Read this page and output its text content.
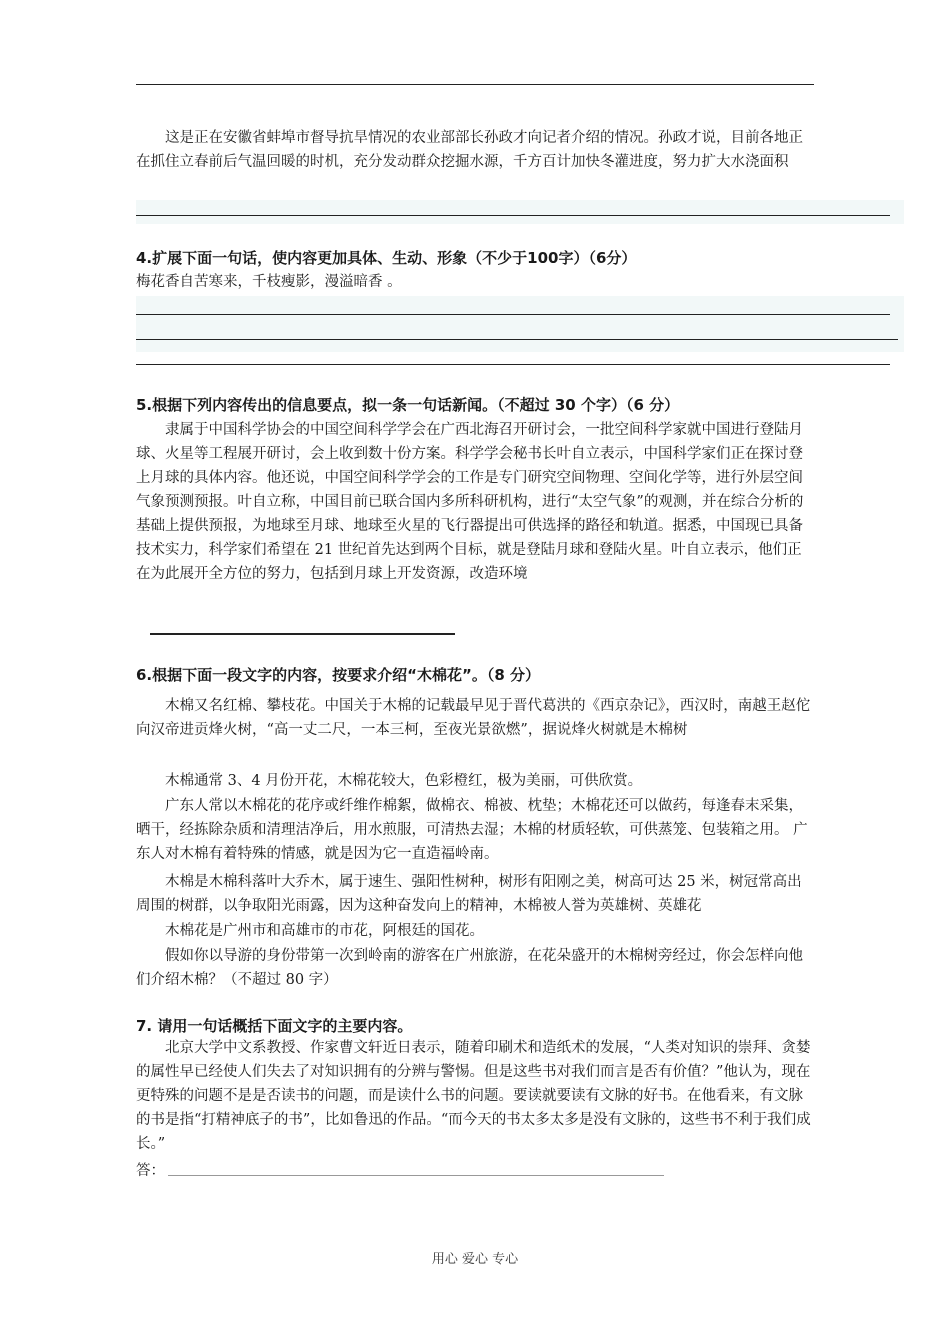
这是正在安徽省蚌埠市督导抗旱情况的农业部部长孙政才向记者介绍的情况。孙政才说，目前各地正在抓住立春前后气温回暖的时机，充分发动群众挖掘水源，千方百计加快冬灌进度，努力扩大水浇面积

4.扩展下面一句话，使内容更加具体、生动、形象（不少于100字）（6分）

梅花香自苦寒来，千枝瘦影，漫溢暗香 。

5.根据下列内容传出的信息要点，拟一条一句话新闻。（不超过 30 个字）（6 分）

隶属于中国科学协会的中国空间科学学会在广西北海召开研讨会，一批空间科学家就中国进行登陆月球、火星等工程展开研讨，会上收到数十份方案。科学学会秘书长叶自立表示，中国科学家们正在探讨登上月球的具体内容。他还说，中国空间科学学会的工作是专门研究空间物理、空间化学等，进行外层空间气象预测预报。叶自立称，中国目前已联合国内多所科研机构，进行“太空气象”的观测，并在综合分析的基础上提供预报，为地球至月球、地球至火星的飞行器提出可供选择的路径和轨道。据悉，中国现已具备技术实力，科学家们希望在 21 世纪首先达到两个目标，就是登陆月球和登陆火星。叶自立表示，他们正在为此展开全方位的努力，包括到月球上开发资源，改造环境

6.根据下面一段文字的内容，按要求介绍“木棉花”。（8 分）

木棉又名红棉、攀枝花。中国关于木棉的记载最早见于晋代葛洪的《西京杂记》，西汉时，南越王赵佗向汉帝进贡烽火树，“高一丈二尺，一本三柯，至夜光景欲燃”，据说烽火树就是木棉树

木棉通常 3、4 月份开花，木棉花较大，色彩橙红，极为美丽，可供欣赏。

广东人常以木棉花的花序或纤维作棉絮，做棉衣、棉被、枕垫；木棉花还可以做药，每逢春末采集，晒干，经拣除杂质和清理洁净后，用水煎服，可清热去湿；木棉的材质轻软，可供蒸笼、包装箱之用。 广东人对木棉有着特殊的情感，就是因为它一直造福岭南。

木棉是木棉科落叶大乔木，属于速生、强阳性树种，树形有阳刚之美，树高可达 25 米，树冠常高出周围的树群，以争取阳光雨露，因为这种奋发向上的精神，木棉被人誉为英雄树、英雄花

木棉花是广州市和高雄市的市花，阿根廷的国花。

假如你以导游的身份带第一次到岭南的游客在广州旅游，在花朵盛开的木棉树旁经过，你会怎样向他们介绍木棉？（不超过 80 字）

7. 请用一句话概括下面文字的主要内容。

北京大学中文系教授、作家曹文轩近日表示，随着印刷术和造纸术的发展，“人类对知识的崇拜、贪婪的属性早已经使人们失去了对知识拥有的分辨与警惕。但是这些书对我们而言是否有价值？”他认为，现在更特殊的问题不是是否读书的问题，而是读什么书的问题。要读就要读有文脉的好书。在他看来，有文脉的书是指“打精神底子的书”，比如鲁迅的作品。“而今天的书太多太多是没有文脉的，这些书不利于我们成长。”

答：

用心 爱心 专心
